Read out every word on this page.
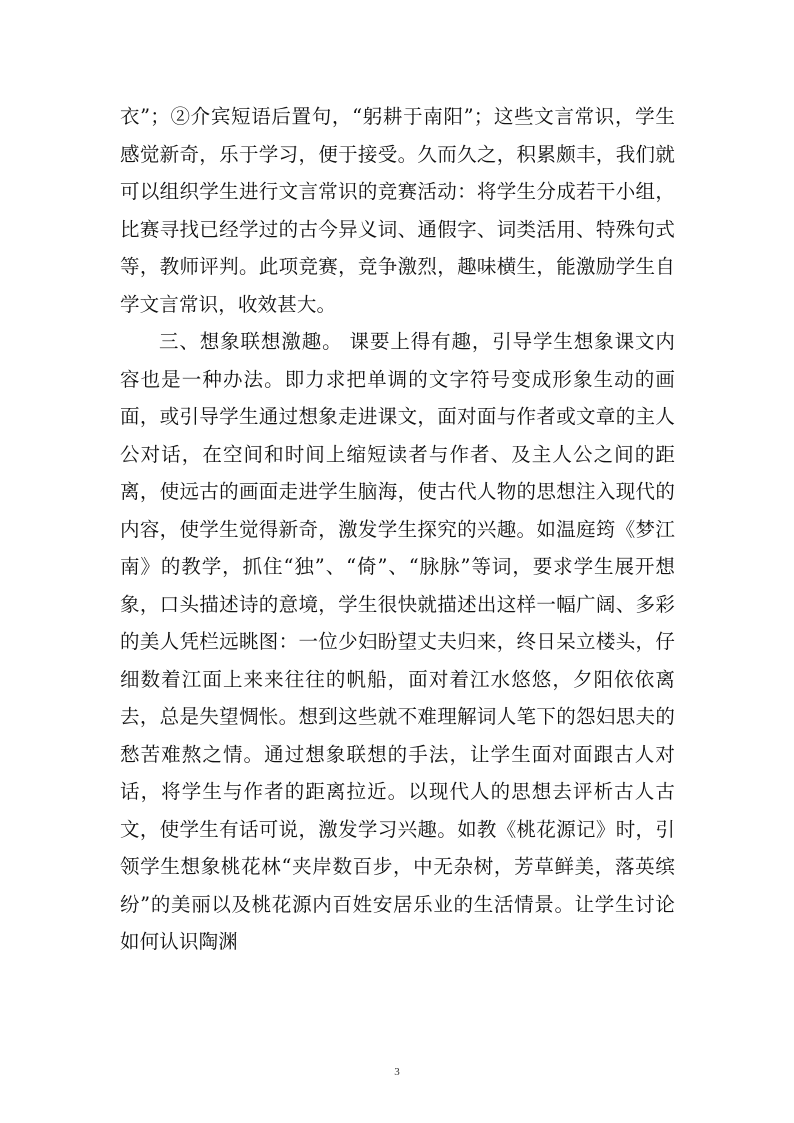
衣”；②介宾短语后置句，“躬耕于南阳”；这些文言常识，学生感觉新奇，乐于学习，便于接受。久而久之，积累颇丰，我们就可以组织学生进行文言常识的竞赛活动：将学生分成若干小组，比赛寻找已经学过的古今异义词、通假字、词类活用、特殊句式等，教师评判。此项竞赛，竞争激烈，趣味横生，能激励学生自学文言常识，收效甚大。

三、想象联想激趣。 课要上得有趣，引导学生想象课文内容也是一种办法。即力求把单调的文字符号变成形象生动的画面，或引导学生通过想象走进课文，面对面与作者或文章的主人公对话，在空间和时间上缩短读者与作者、及主人公之间的距离，使远古的画面走进学生脑海，使古代人物的思想注入现代的内容，使学生觉得新奇，激发学生探究的兴趣。如温庭筠《梦江南》的教学，抓住“独”、“倚”、“脉脉”等词，要求学生展开想象，口头描述诗的意境，学生很快就描述出这样一幅广阔、多彩的美人凭栏远眺图：一位少妇盼望丈夫归来，终日呆立楼头，仔细数着江面上来来往往的帆船，面对着江水悠悠，夕阳依依离去，总是失望惆怅。想到这些就不难理解词人笔下的怨妇思夫的愁苦难熬之情。通过想象联想的手法，让学生面对面跟古人对话，将学生与作者的距离拉近。以现代人的思想去评析古人古文，使学生有话可说，激发学习兴趣。如教《桃花源记》时，引领学生想象桃花林“夹岸数百步，中无杂树，芳草鲜美，落英缤纷”的美丽以及桃花源内百姓安居乐业的生活情景。让学生讨论如何认识陶渊

3
